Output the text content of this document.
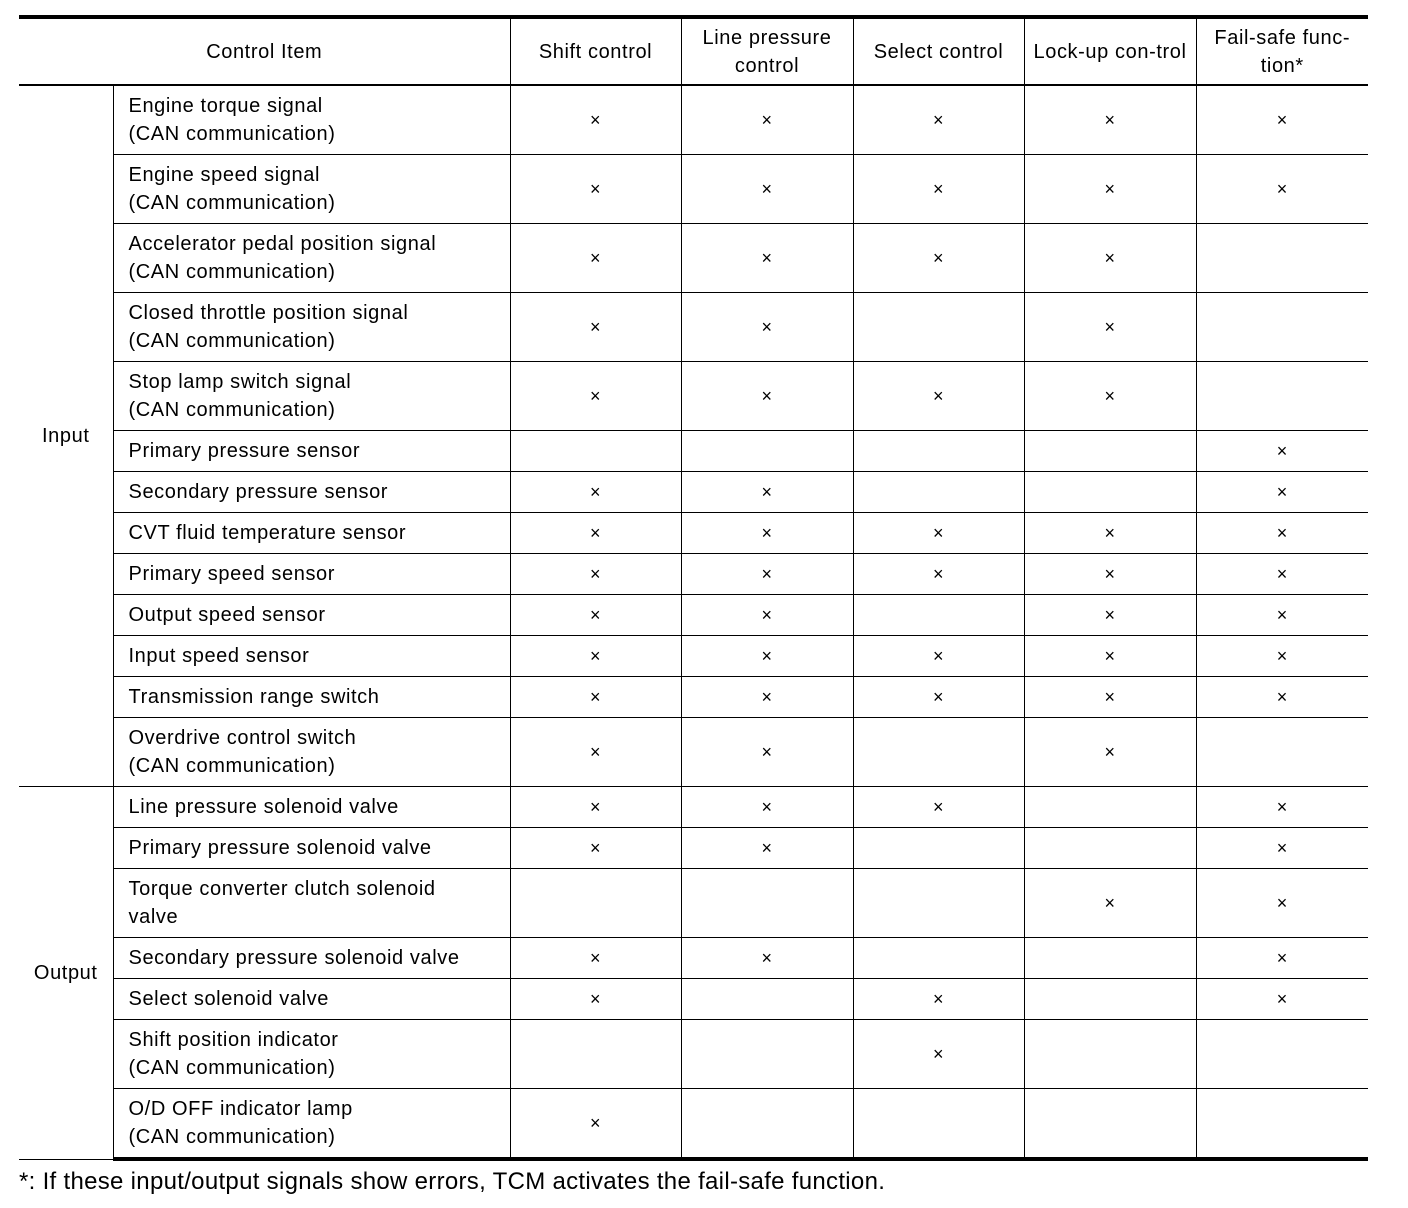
Control Item		Shift control	Line pressure control	Select control	Lock-up con-trol	Fail-safe func-tion*
Input	Engine torque signal
(CAN communication)	×	×	×	×	×

	Engine speed signal
(CAN communication)	×	×	×	×	×

	Accelerator pedal position signal
(CAN communication)	×	×	×	×	

	Closed throttle position signal
(CAN communication)	×	×		×	

	Stop lamp switch signal
(CAN communication)	×	×	×	×	

	Primary pressure sensor					×

	Secondary pressure sensor	×	×			×

	CVT fluid temperature sensor	×	×	×	×	×

	Primary speed sensor	×	×	×	×	×

	Output speed sensor	×	×		×	×

	Input speed sensor	×	×	×	×	×

	Transmission range switch	×	×	×	×	×

	Overdrive control switch
(CAN communication)	×	×		×	
Output	Line pressure solenoid valve	×	×	×		×

	Primary pressure solenoid valve	×	×			×

	Torque converter clutch solenoid
valve				×	×

	Secondary pressure solenoid valve	×	×			×

	Select solenoid valve	×		×		×

	Shift position indicator
(CAN communication)			×		

	O/D OFF indicator lamp
(CAN communication)	×				
*: If these input/output signals show errors, TCM activates the fail-safe function.
